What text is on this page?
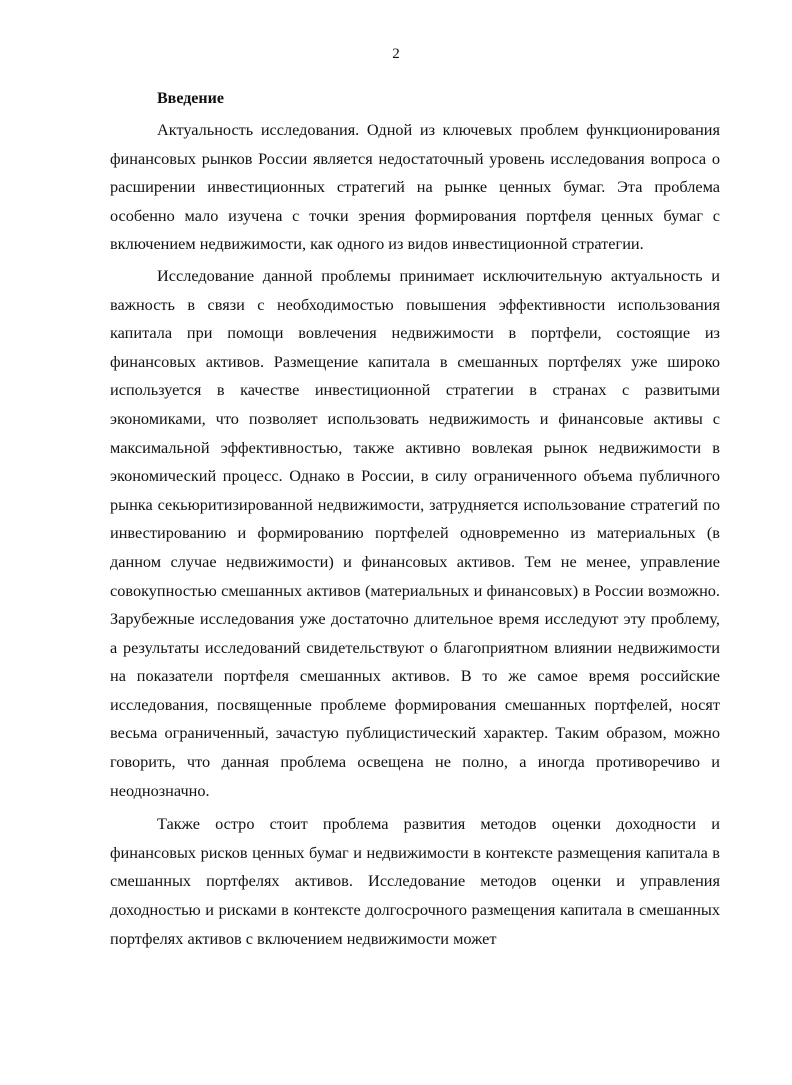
2
Введение

Актуальность исследования. Одной из ключевых проблем функционирования финансовых рынков России является недостаточный уровень исследования вопроса о расширении инвестиционных стратегий на рынке ценных бумаг. Эта проблема особенно мало изучена с точки зрения формирования портфеля ценных бумаг с включением недвижимости, как одного из видов инвестиционной стратегии.

Исследование данной проблемы принимает исключительную актуальность и важность в связи с необходимостью повышения эффективности использования капитала при помощи вовлечения недвижимости в портфели, состоящие из финансовых активов. Размещение капитала в смешанных портфелях уже широко используется в качестве инвестиционной стратегии в странах с развитыми экономиками, что позволяет использовать недвижимость и финансовые активы с максимальной эффективностью, также активно вовлекая рынок недвижимости в экономический процесс. Однако в России, в силу ограниченного объема публичного рынка секьюритизированной недвижимости, затрудняется использование стратегий по инвестированию и формированию портфелей одновременно из материальных (в данном случае недвижимости) и финансовых активов. Тем не менее, управление совокупностью смешанных активов (материальных и финансовых) в России возможно. Зарубежные исследования уже достаточно длительное время исследуют эту проблему, а результаты исследований свидетельствуют о благоприятном влиянии недвижимости на показатели портфеля смешанных активов. В то же самое время российские исследования, посвященные проблеме формирования смешанных портфелей, носят весьма ограниченный, зачастую публицистический характер. Таким образом, можно говорить, что данная проблема освещена не полно, а иногда противоречиво и неоднозначно.

Также остро стоит проблема развития методов оценки доходности и финансовых рисков ценных бумаг и недвижимости в контексте размещения капитала в смешанных портфелях активов. Исследование методов оценки и управления доходностью и рисками в контексте долгосрочного размещения капитала в смешанных портфелях активов с включением недвижимости может
